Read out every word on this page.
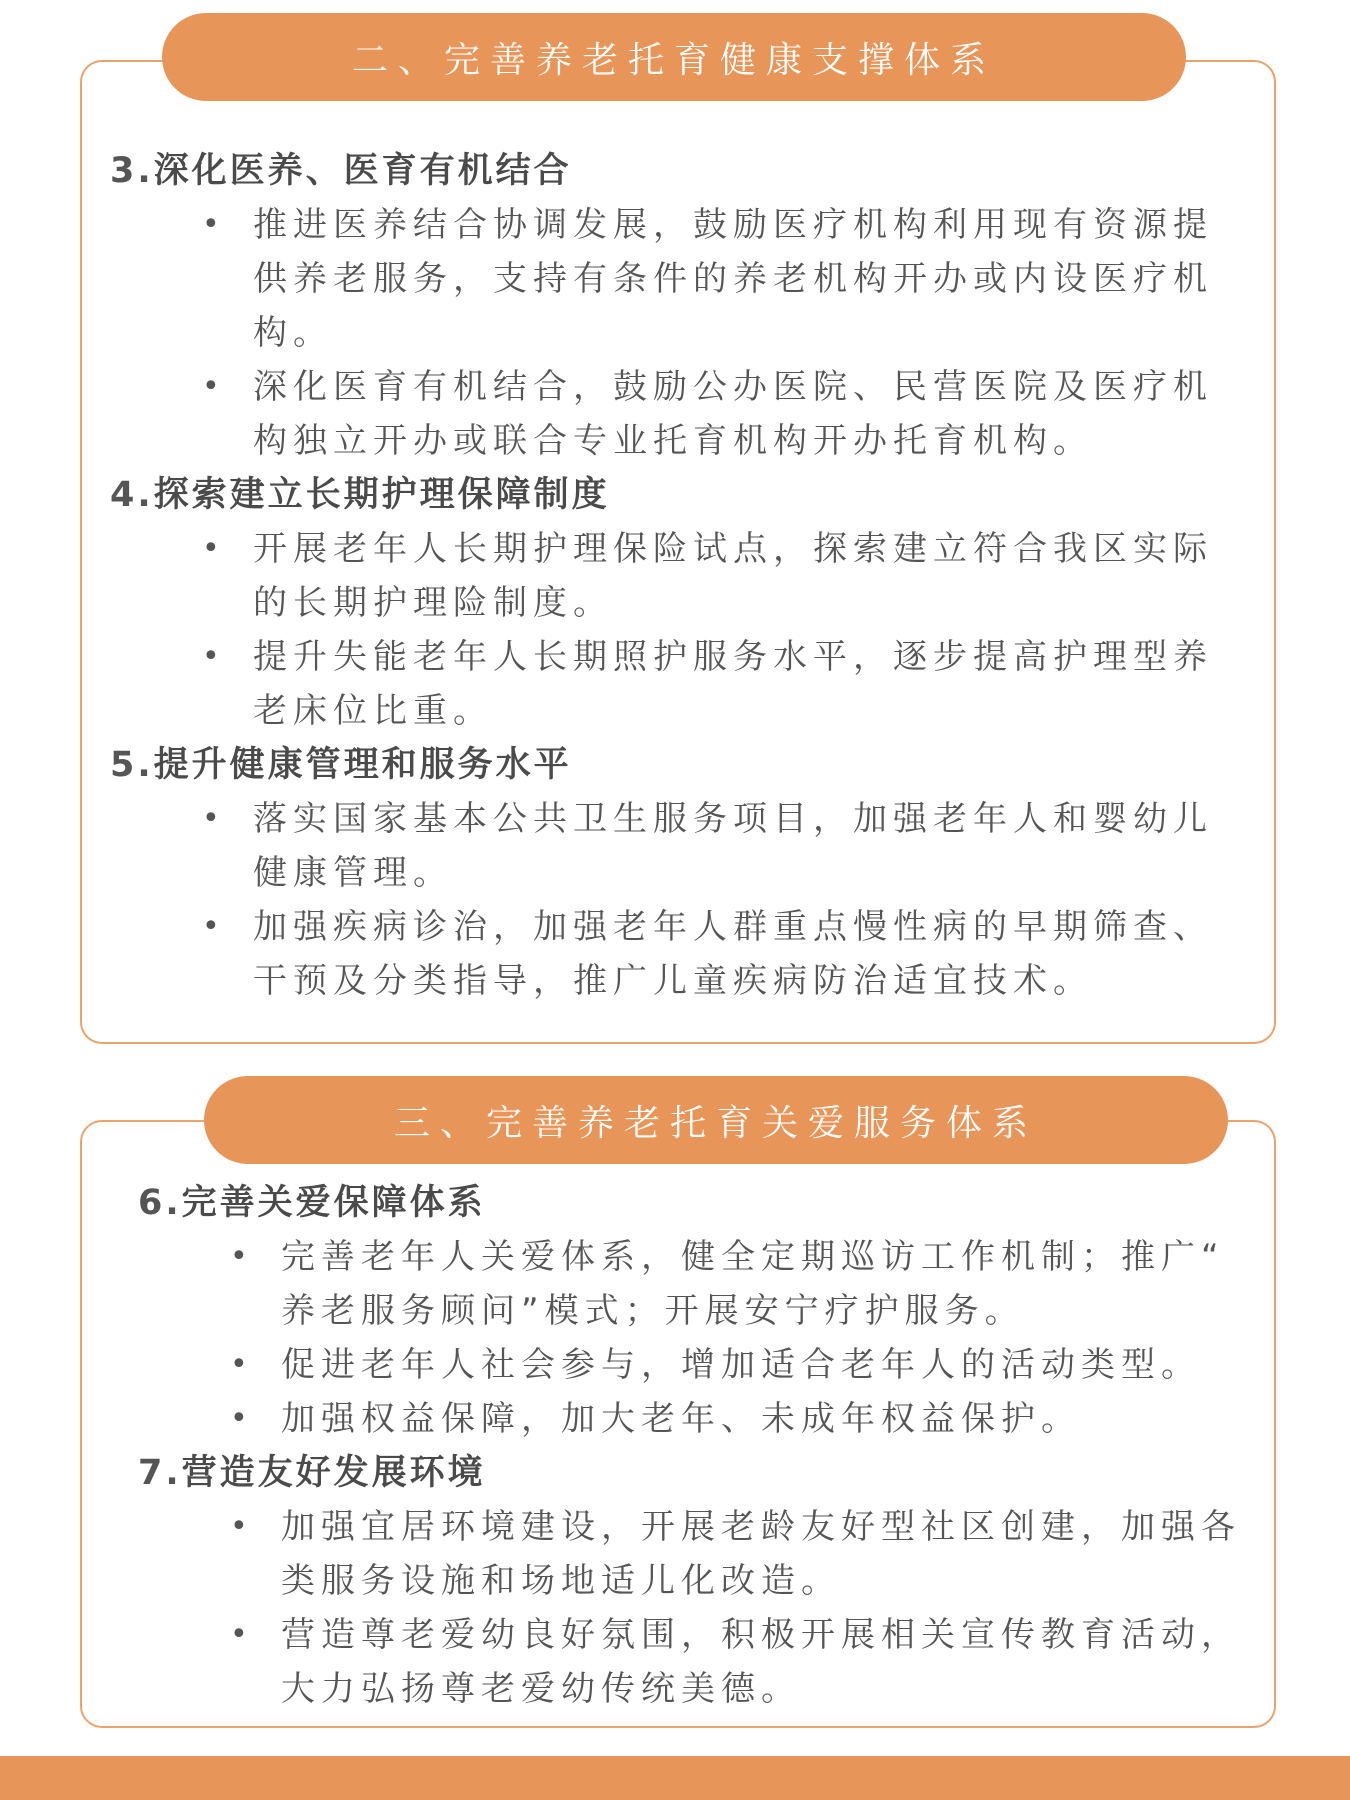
3.深化医养、医育有机结合
• 推进医养结合协调发展，鼓励医疗机构利用现有资源提供养老服务，支持有条件的养老机构开办或内设医疗机构。
• 深化医育有机结合，鼓励公办医院、民营医院及医疗机构独立开办或联合专业托育机构开办托育机构。
4.探索建立长期护理保障制度
• 开展老年人长期护理保险试点，探索建立符合我区实际的长期护理险制度。
• 提升失能老年人长期照护服务水平，逐步提高护理型养老床位比重。
5.提升健康管理和服务水平
• 落实国家基本公共卫生服务项目，加强老年人和婴幼儿健康管理。
• 加强疾病诊治，加强老年人群重点慢性病的早期筛查、干预及分类指导，推广儿童疾病防治适宜技术。
二、完善养老托育健康支撑体系
6.完善关爱保障体系
• 完善老年人关爱体系，健全定期巡访工作机制；推广“ 养老服务顾问”模式；开展安宁疗护服务。
• 促进老年人社会参与，增加适合老年人的活动类型。
• 加强权益保障，加大老年、未成年权益保护。
7.营造友好发展环境
• 加强宜居环境建设，开展老龄友好型社区创建，加强各类服务设施和场地适儿化改造。
• 营造尊老爱幼良好氛围，积极开展相关宣传教育活动，大力弘扬尊老爱幼传统美德。
三、完善养老托育关爱服务体系
